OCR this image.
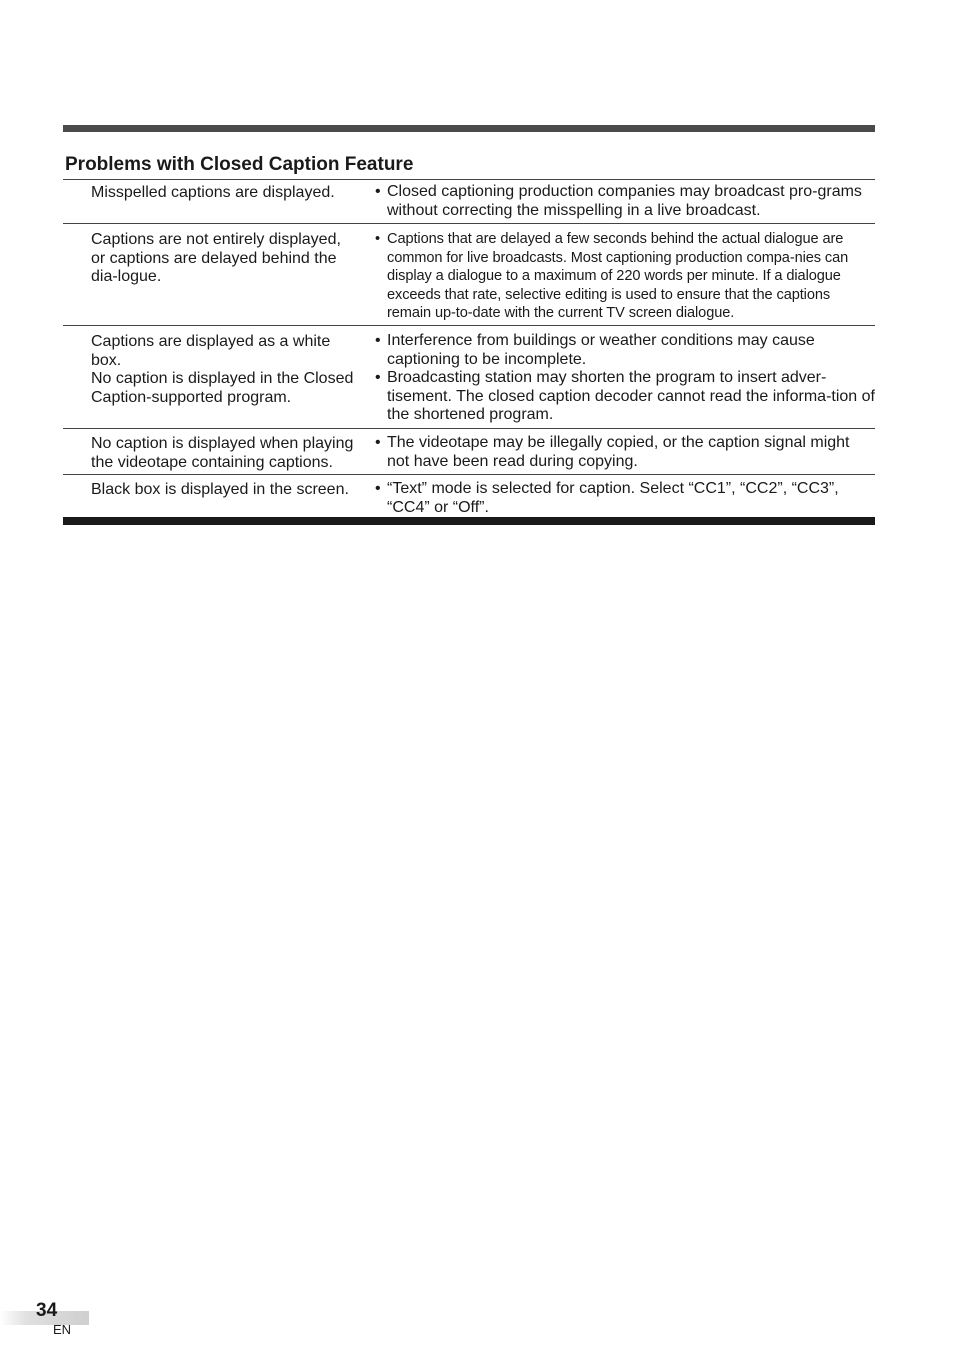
Problems with Closed Caption Feature

Misspelled captions are displayed.	• Closed captioning production companies may broadcast pro-grams without correcting the misspelling in a live broadcast.

Captions are not entirely displayed, or captions are delayed behind the dia-logue.

• Captions that are delayed a few seconds behind the actual dialogue are common for live broadcasts. Most captioning production compa-nies can display a dialogue to a maximum of 220 words per minute. If a dialogue exceeds that rate, selective editing is used to ensure that the captions remain up-to-date with the current TV screen dialogue.

Captions are displayed as a white box.

No caption is displayed in the Closed Caption-supported program.

• Interference from buildings or weather conditions may cause captioning to be incomplete.
• Broadcasting station may shorten the program to insert adver-tisement. The closed caption decoder cannot read the informa-tion of the shortened program.

No caption is displayed when playing the videotape containing captions.

• The videotape may be illegally copied, or the caption signal might not have been read during copying.

Black box is displayed in the screen.	• “Text” mode is selected for caption. Select “CC1”, “CC2”, “CC3”, “CC4” or “Off”.
34
EN
